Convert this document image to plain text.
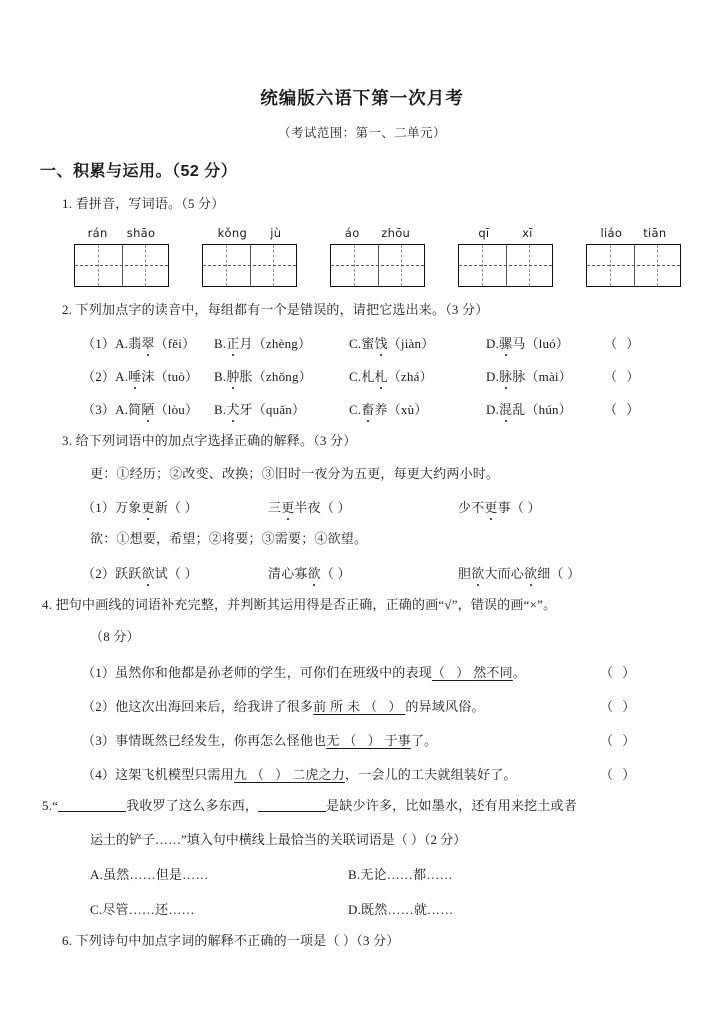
统编版六语下第一次月考
（考试范围：第一、二单元）
一、积累与运用。（52 分）
1. 看拼音，写词语。（5 分）
rán shāo	kǒng jù	áo zhōu	qī	xī	liáo tiān
2. 下列加点字的读音中，每组都有一个是错误的，请把它选出来。（3 分）
（1）A.翡翠（fěi）	B.正月（zhèng）	C.蜜饯（jiàn）	D.骡马（luó）	（ ）
（2）A.唾沫（tuò）	B.肿胀（zhǒng）	C.札札（zhá）	D.脉脉（mài）	（ ）
（3）A.简陋（lòu）	B.犬牙（quǎn）	C.畜养（xù）	D.混乱（hún）	（ ）
3. 给下列词语中的加点字选择正确的解释。（3 分）
更：①经历；②改变、改换；③旧时一夜分为五更，每更大约两小时。
（1）万象更新（ ）	三更半夜（ ）	少不更事（ ）
欲：①想要，希望；②将要；③需要；④欲望。
（2）跃跃欲试（ ）	清心寡欲（ ）	胆欲大而心欲细（ ）
4. 把句中画线的词语补充完整，并判断其运用得是否正确，正确的画“√”，错误的画“×”。
（8 分）
（1）虽然你和他都是孙老师的学生，可你们在班级中的表现（ ）然不同。	（ ）
（2）他这次出海回来后，给我讲了很多前所未（ ）的异域风俗。	（ ）
（3）事情既然已经发生，你再怎么怪他也无（ ）于事了。	（ ）
（4）这架飞机模型只需用九（ ）二虎之力，一会儿的工夫就组装好了。	（ ）
5.“	我收罗了这么多东西，	是缺少许多，比如墨水，还有用来挖土或者
运土的铲子……”填入句中横线上最恰当的关联词语是（ ）（2 分）
A.虽然……但是……	B.无论……都……
C.尽管……还……	D.既然……就……
6. 下列诗句中加点字词的解释不正确的一项是（ ）（3 分）
